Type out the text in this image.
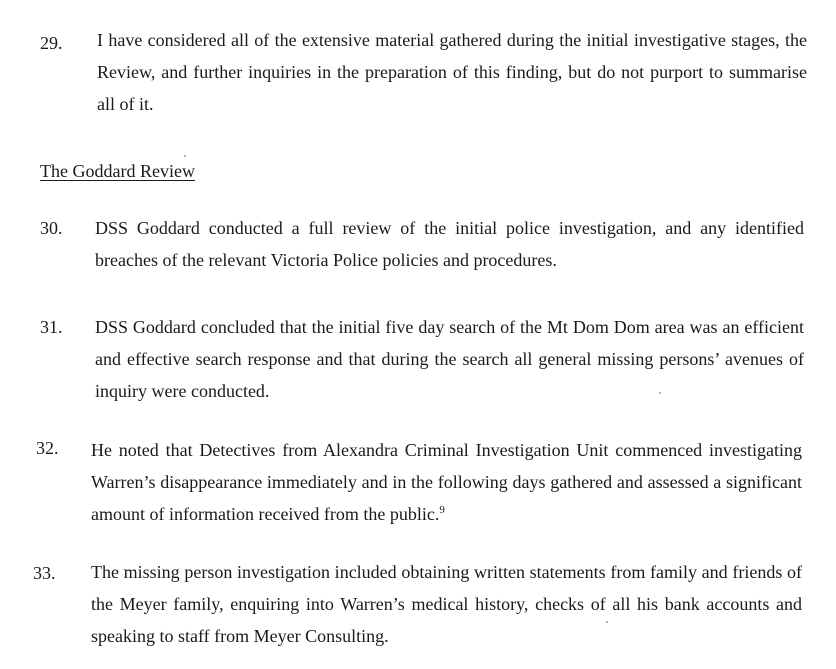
29. I have considered all of the extensive material gathered during the initial investigative stages, the Review, and further inquiries in the preparation of this finding, but do not purport to summarise all of it.
The Goddard Review
30. DSS Goddard conducted a full review of the initial police investigation, and any identified breaches of the relevant Victoria Police policies and procedures.
31. DSS Goddard concluded that the initial five day search of the Mt Dom Dom area was an efficient and effective search response and that during the search all general missing persons’ avenues of inquiry were conducted.
32. He noted that Detectives from Alexandra Criminal Investigation Unit commenced investigating Warren’s disappearance immediately and in the following days gathered and assessed a significant amount of information received from the public.$^9$
33. The missing person investigation included obtaining written statements from family and friends of the Meyer family, enquiring into Warren’s medical history, checks of all his bank accounts and speaking to staff from Meyer Consulting.
